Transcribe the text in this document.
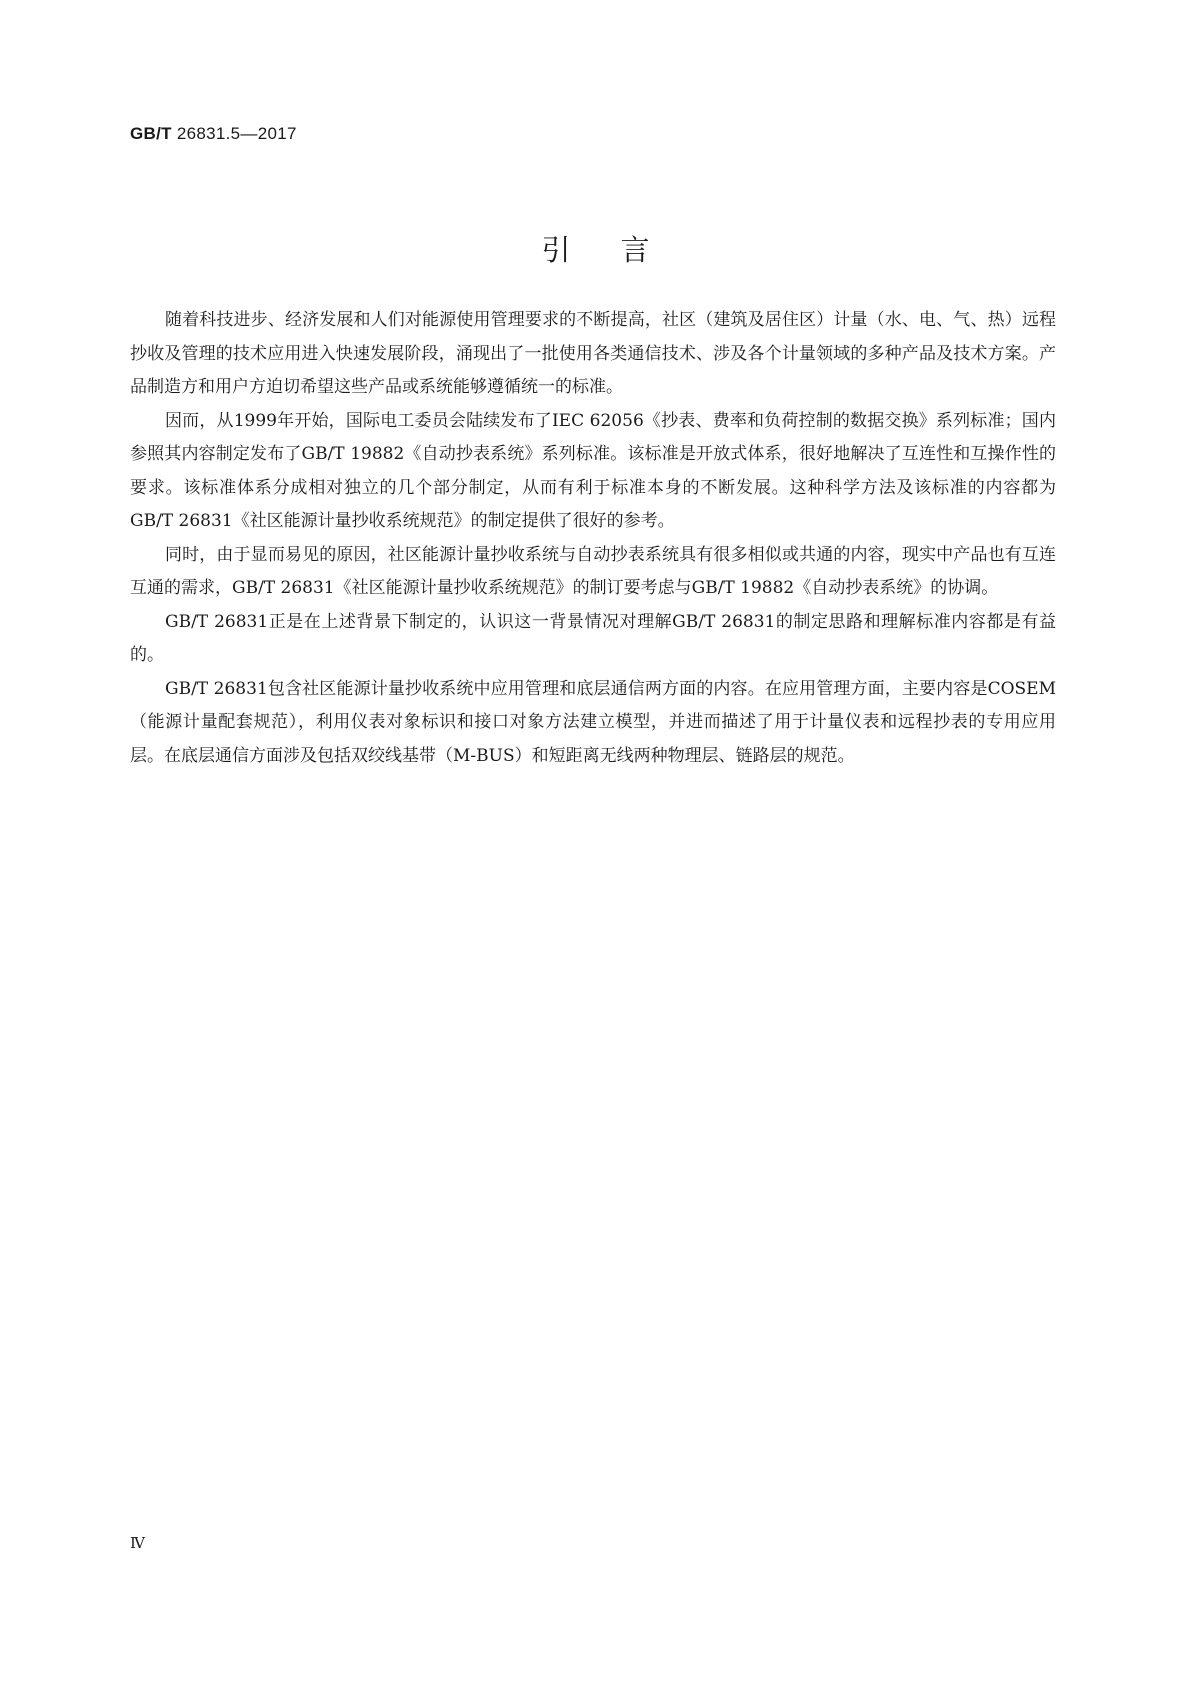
GB/T 26831.5—2017
引言

随着科技进步、经济发展和人们对能源使用管理要求的不断提高，社区（建筑及居住区）计量（水、电、气、热）远程抄收及管理的技术应用进入快速发展阶段，涌现出了一批使用各类通信技术、涉及各个计量领域的多种产品及技术方案。产品制造方和用户方迫切希望这些产品或系统能够遵循统一的标准。

因而，从1999年开始，国际电工委员会陆续发布了IEC 62056《抄表、费率和负荷控制的数据交换》系列标准；国内参照其内容制定发布了GB/T 19882《自动抄表系统》系列标准。该标准是开放式体系，很好地解决了互连性和互操作性的要求。该标准体系分成相对独立的几个部分制定，从而有利于标准本身的不断发展。这种科学方法及该标准的内容都为GB/T 26831《社区能源计量抄收系统规范》的制定提供了很好的参考。

同时，由于显而易见的原因，社区能源计量抄收系统与自动抄表系统具有很多相似或共通的内容，现实中产品也有互连互通的需求，GB/T 26831《社区能源计量抄收系统规范》的制订要考虑与GB/T 19882《自动抄表系统》的协调。

GB/T 26831正是在上述背景下制定的，认识这一背景情况对理解GB/T 26831的制定思路和理解标准内容都是有益的。

GB/T 26831包含社区能源计量抄收系统中应用管理和底层通信两方面的内容。在应用管理方面，主要内容是COSEM（能源计量配套规范），利用仪表对象标识和接口对象方法建立模型，并进而描述了用于计量仪表和远程抄表的专用应用层。在底层通信方面涉及包括双绞线基带（M-BUS）和短距离无线两种物理层、链路层的规范。

Ⅳ
